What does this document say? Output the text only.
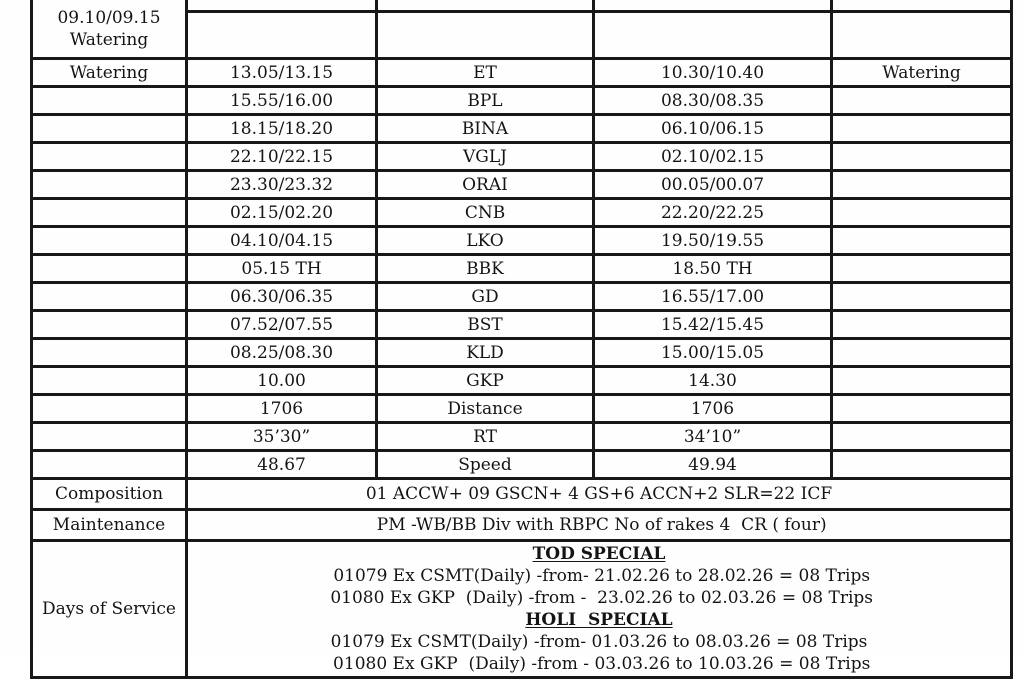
09.10/09.15
Watering				

Watering	13.05/13.15	ET	10.30/10.40	Watering
	15.55/16.00	BPL	08.30/08.35	
	18.15/18.20	BINA	06.10/06.15	
	22.10/22.15	VGLJ	02.10/02.15	
	23.30/23.32	ORAI	00.05/00.07	
	02.15/02.20	CNB	22.20/22.25	
	04.10/04.15	LKO	19.50/19.55	
	05.15 TH	BBK	18.50 TH	
	06.30/06.35	GD	16.55/17.00	
	07.52/07.55	BST	15.42/15.45	
	08.25/08.30	KLD	15.00/15.05	
	10.00	GKP	14.30	
	1706	Distance	1706	
	35’30”	RT	34’10”	
	48.67	Speed	49.94	
Composition	01 ACCW+ 09 GSCN+ 4 GS+6 ACCN+2 SLR=22 ICF			
Maintenance	PM -WB/BB Div with RBPC No of rakes 4  CR ( four)			
Days of Service	
TOD SPECIAL
01079 Ex CSMT(Daily) -from- 21.02.26 to 28.02.26 = 08 Trips
01080 Ex GKP  (Daily) -from -  23.02.26 to 02.03.26 = 08 Trips
HOLI  SPECIAL
01079 Ex CSMT(Daily) -from- 01.03.26 to 08.03.26 = 08 Trips
01080 Ex GKP  (Daily) -from - 03.03.26 to 10.03.26 = 08 Trips
